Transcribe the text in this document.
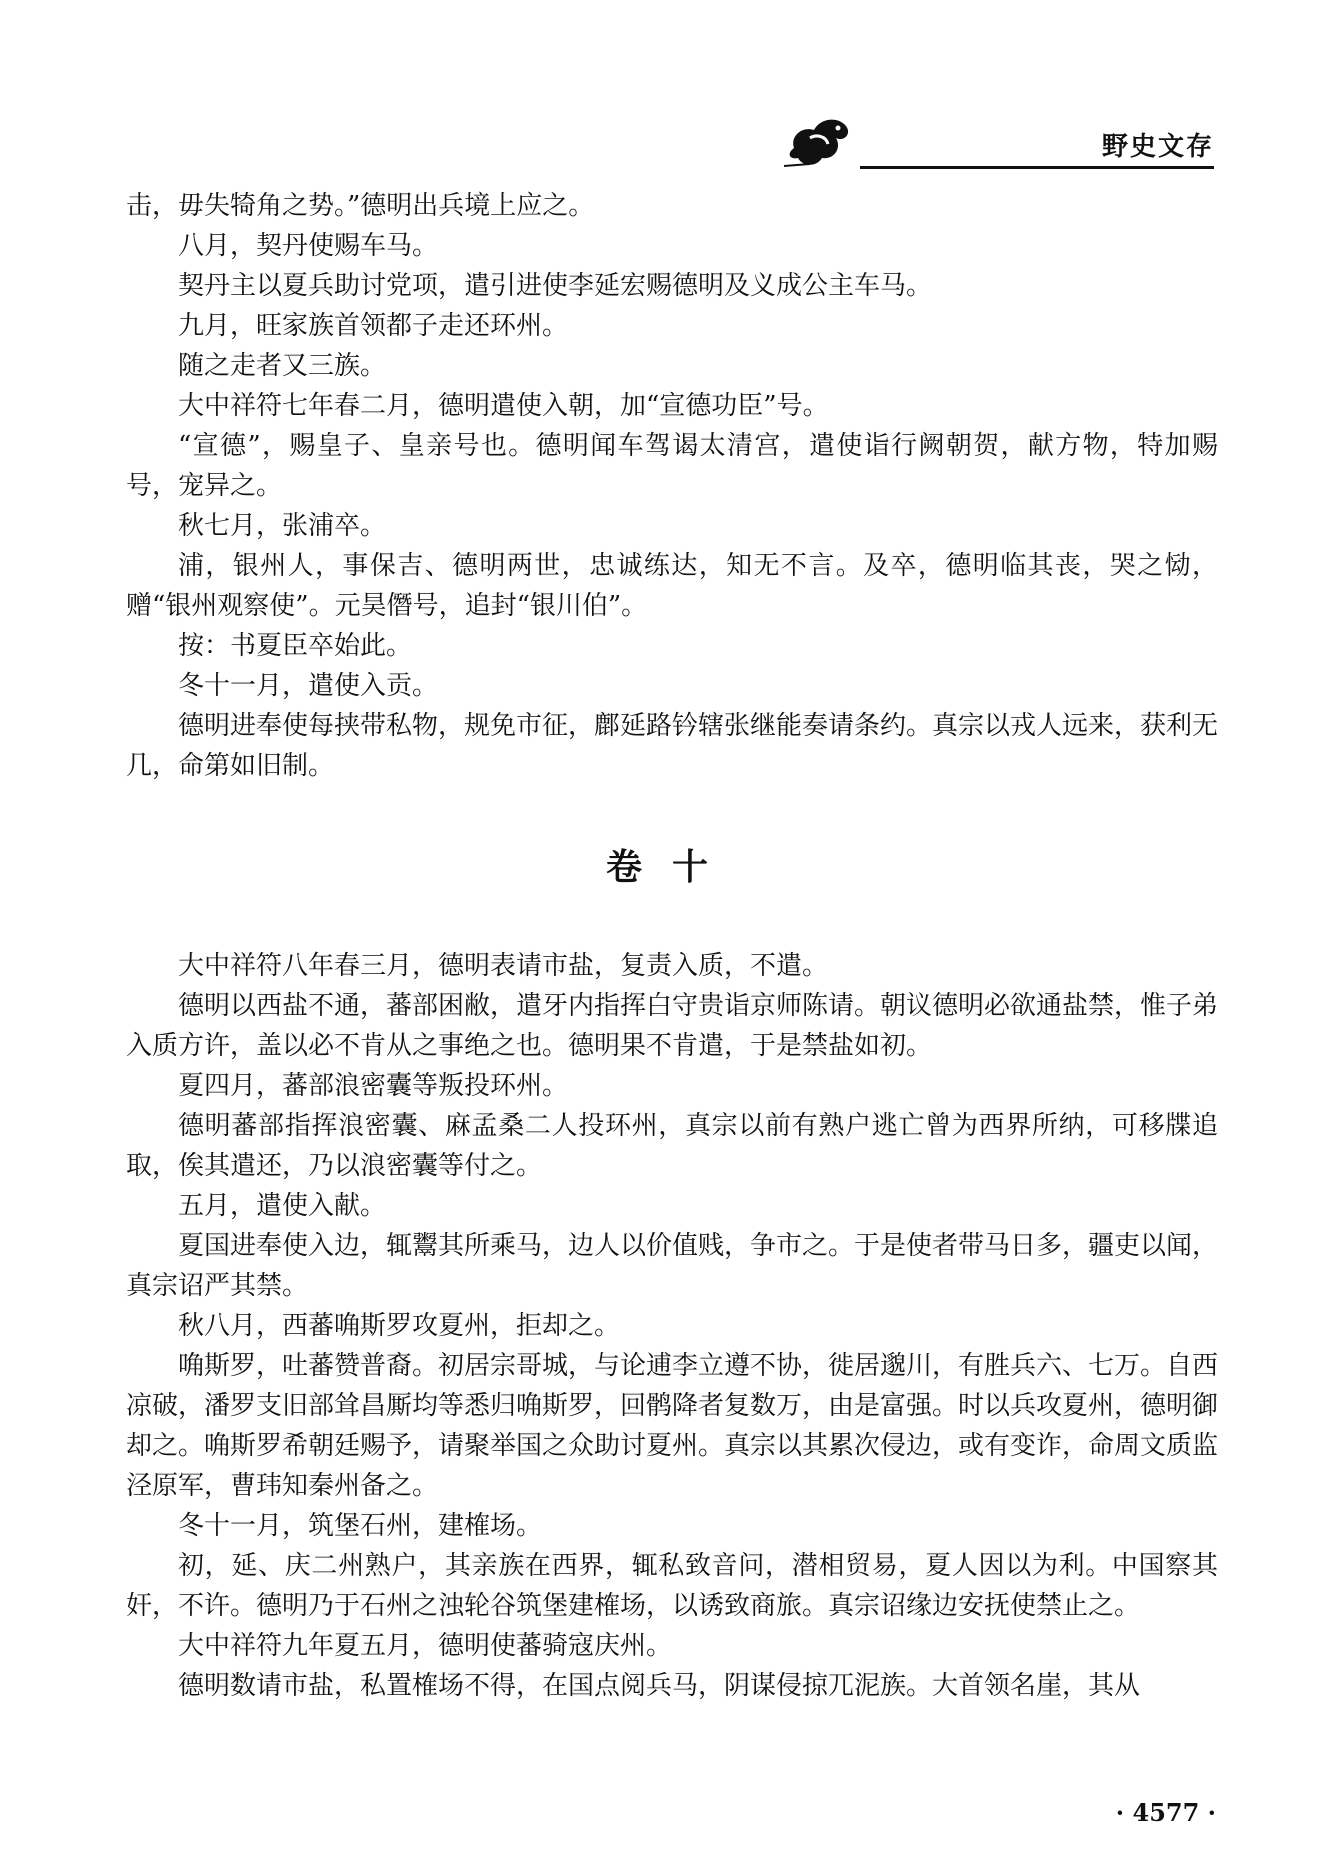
野史文存

击，毋失犄角之势。”德明出兵境上应之。

八月，契丹使赐车马。

契丹主以夏兵助讨党项，遣引进使李延宏赐德明及义成公主车马。

九月，旺家族首领都子走还环州。

随之走者又三族。

大中祥符七年春二月，德明遣使入朝，加“宣德功臣”号。

“宣德”，赐皇子、皇亲号也。德明闻车驾谒太清宫，遣使诣行阙朝贺，献方物，特加赐号，宠异之。

秋七月，张浦卒。

浦，银州人，事保吉、德明两世，忠诚练达，知无不言。及卒，德明临其丧，哭之恸，赠“银州观察使”。元昊僭号，追封“银川伯”。

按：书夏臣卒始此。

冬十一月，遣使入贡。

德明进奉使每挟带私物，规免市征，鄜延路钤辖张继能奏请条约。真宗以戎人远来，获利无几，命第如旧制。

卷十

大中祥符八年春三月，德明表请市盐，复责入质，不遣。

德明以西盐不通，蕃部困敝，遣牙内指挥白守贵诣京师陈请。朝议德明必欲通盐禁，惟子弟入质方许，盖以必不肯从之事绝之也。德明果不肯遣，于是禁盐如初。

夏四月，蕃部浪密囊等叛投环州。

德明蕃部指挥浪密囊、麻孟桑二人投环州，真宗以前有熟户逃亡曾为西界所纳，可移牒追取，俟其遣还，乃以浪密囊等付之。

五月，遣使入献。

夏国进奉使入边，辄鬻其所乘马，边人以价值贱，争市之。于是使者带马日多，疆吏以闻，真宗诏严其禁。

秋八月，西蕃唃斯罗攻夏州，拒却之。

唃斯罗，吐蕃赞普裔。初居宗哥城，与论逋李立遵不协，徙居邈川，有胜兵六、七万。自西凉破，潘罗支旧部耸昌厮均等悉归唃斯罗，回鹘降者复数万，由是富强。时以兵攻夏州，德明御却之。唃斯罗希朝廷赐予，请聚举国之众助讨夏州。真宗以其累次侵边，或有变诈，命周文质监泾原军，曹玮知秦州备之。

冬十一月，筑堡石州，建榷场。

初，延、庆二州熟户，其亲族在西界，辄私致音问，潜相贸易，夏人因以为利。中国察其奸，不许。德明乃于石州之浊轮谷筑堡建榷场，以诱致商旅。真宗诏缘边安抚使禁止之。

大中祥符九年夏五月，德明使蕃骑寇庆州。

德明数请市盐，私置榷场不得，在国点阅兵马，阴谋侵掠兀泥族。大首领名崖，其从

· 4577 ·
